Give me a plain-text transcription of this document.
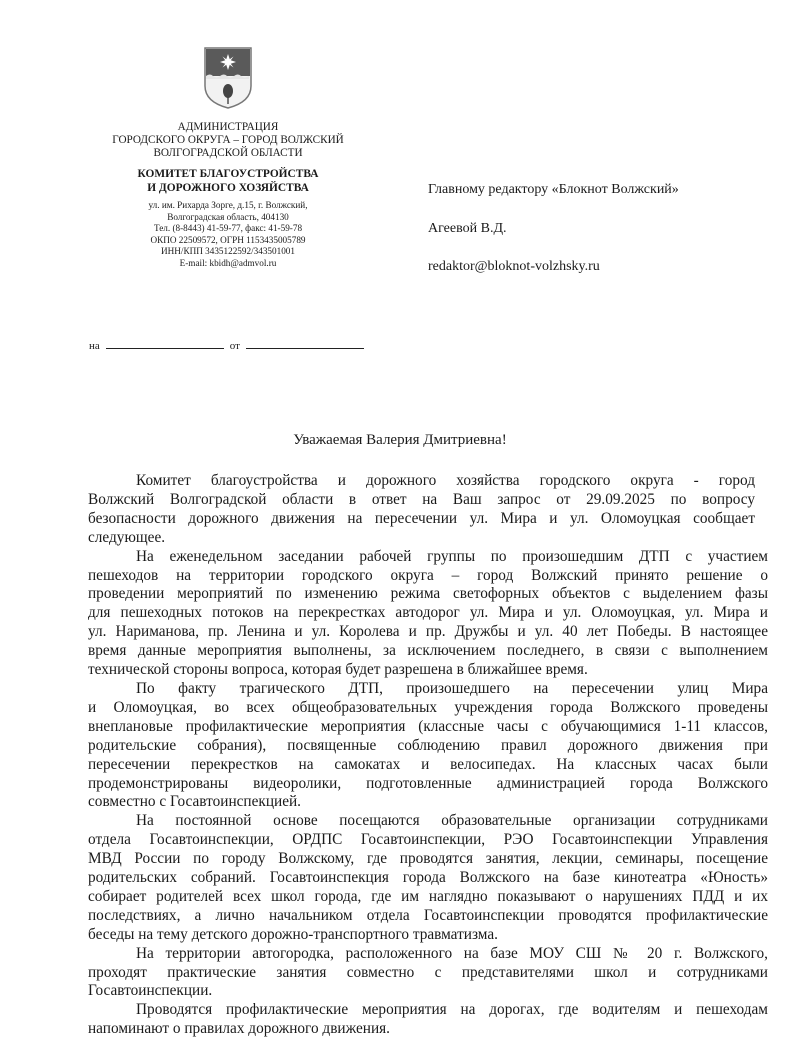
АДМИНИСТРАЦИЯ
ГОРОДСКОГО ОКРУГА – ГОРОД ВОЛЖСКИЙ
ВОЛГОГРАДСКОЙ ОБЛАСТИ
КОМИТЕТ БЛАГОУСТРОЙСТВА
И ДОРОЖНОГО ХОЗЯЙСТВА
ул. им. Рихарда Зорге, д.15, г. Волжский,
Волгоградская область, 404130
Тел. (8-8443) 41-59-77, факс: 41-59-78
ОКПО 22509572, ОГРН 1153435005789
ИНН/КПП 3435122592/343501001
E-mail: kbidh@admvol.ru
на	от
Главному редактору «Блокнот Волжский»
Агеевой В.Д.
redaktor@bloknot-volzhsky.ru
Уважаемая Валерия Дмитриевна!
Комитет благоустройства и дорожного хозяйства городского округа - город
Волжский Волгоградской области в ответ на Ваш запрос от 29.09.2025 по вопросу
безопасности дорожного движения на пересечении ул. Мира и ул. Оломоуцкая сообщает
следующее.
На еженедельном заседании рабочей группы по произошедшим ДТП с участием
пешеходов на территории городского округа – город Волжский принято решение о
проведении мероприятий по изменению режима светофорных объектов с выделением фазы
для пешеходных потоков на перекрестках автодорог ул. Мира и ул. Оломоуцкая, ул. Мира и
ул. Нариманова, пр. Ленина и ул. Королева и пр. Дружбы и ул. 40 лет Победы. В настоящее
время данные мероприятия выполнены, за исключением последнего, в связи с выполнением
технической стороны вопроса, которая будет разрешена в ближайшее время.
По факту трагического ДТП, произошедшего на пересечении улиц Мира
и Оломоуцкая, во всех общеобразовательных учреждения города Волжского проведены
внеплановые профилактические мероприятия (классные часы с обучающимися 1-11 классов,
родительские собрания), посвященные соблюдению правил дорожного движения при
пересечении перекрестков на самокатах и велосипедах. На классных часах были
продемонстрированы видеоролики, подготовленные администрацией города Волжского
совместно с Госавтоинспекцией.
На постоянной основе посещаются образовательные организации сотрудниками
отдела Госавтоинспекции, ОРДПС Госавтоинспекции, РЭО Госавтоинспекции Управления
МВД России по городу Волжскому, где проводятся занятия, лекции, семинары, посещение
родительских собраний. Госавтоинспекция города Волжского на базе кинотеатра «Юность»
собирает родителей всех школ города, где им наглядно показывают о нарушениях ПДД и их
последствиях, а лично начальником отдела Госавтоинспекции проводятся профилактические
беседы на тему детского дорожно-транспортного травматизма.
На территории автогородка, расположенного на базе МОУ СШ № 20 г. Волжского,
проходят практические занятия совместно с представителями школ и сотрудниками
Госавтоинспекции.
Проводятся профилактические мероприятия на дорогах, где водителям и пешеходам
напоминают о правилах дорожного движения.
